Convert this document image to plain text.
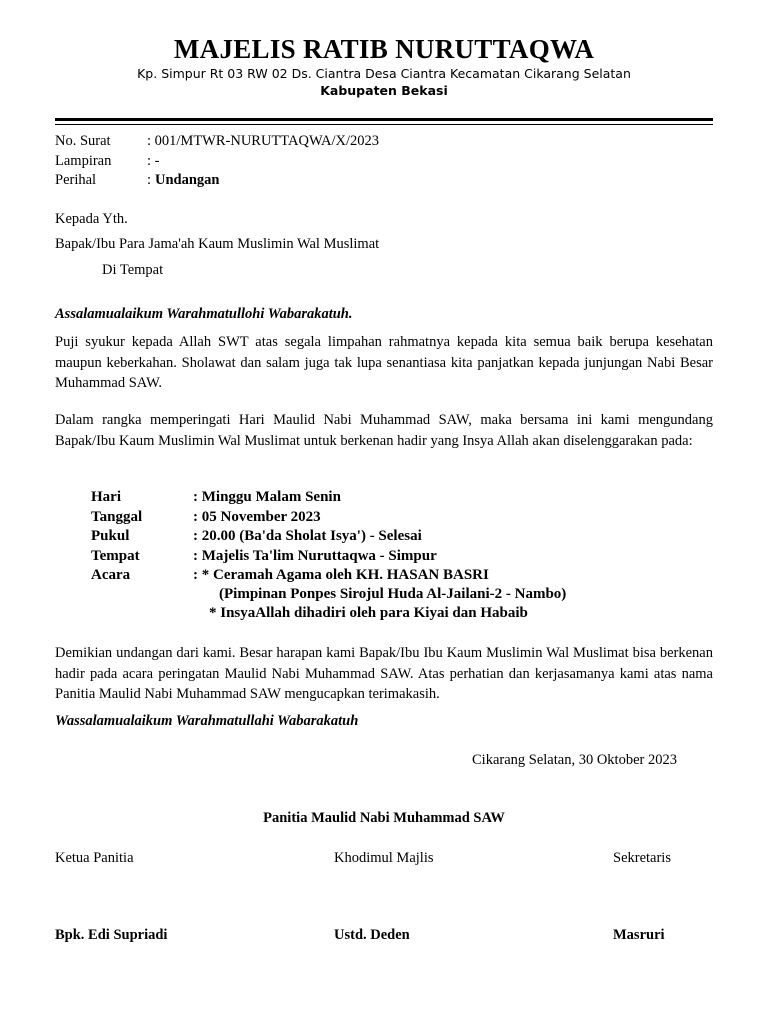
MAJELIS RATIB NURUTTAQWA
Kp. Simpur Rt 03 RW 02 Ds. Ciantra Desa Ciantra Kecamatan Cikarang Selatan
Kabupaten Bekasi
No. Surat	: 001/MTWR-NURUTTAQWA/X/2023
Lampiran : -
Perihal	: Undangan
Kepada Yth.
Bapak/Ibu Para Jama'ah Kaum Muslimin Wal Muslimat
Di Tempat
Assalamualaikum Warahmatullohi Wabarakatuh.
Puji syukur kepada Allah SWT atas segala limpahan rahmatnya kepada kita semua baik berupa kesehatan maupun keberkahan. Sholawat dan salam juga tak lupa senantiasa kita panjatkan kepada junjungan Nabi Besar Muhammad SAW.
Dalam rangka memperingati Hari Maulid Nabi Muhammad SAW, maka bersama ini kami mengundang Bapak/Ibu Kaum Muslimin Wal Muslimat untuk berkenan hadir yang Insya Allah akan diselenggarakan pada:
Hari	: Minggu Malam Senin
Tanggal	: 05 November 2023
Pukul	: 20.00 (Ba'da Sholat Isya') - Selesai
Tempat	: Majelis Ta'lim Nuruttaqwa - Simpur
Acara	: * Ceramah Agama oleh KH. HASAN BASRI
(Pimpinan Ponpes Sirojul Huda Al-Jailani-2 - Nambo)
* InsyaAllah dihadiri oleh para Kiyai dan Habaib
Demikian undangan dari kami. Besar harapan kami Bapak/Ibu Ibu Kaum Muslimin Wal Muslimat bisa berkenan hadir pada acara peringatan Maulid Nabi Muhammad SAW. Atas perhatian dan kerjasamanya kami atas nama Panitia Maulid Nabi Muhammad SAW mengucapkan terimakasih.
Wassalamualaikum Warahmatullahi Wabarakatuh
Cikarang Selatan, 30 Oktober 2023
Panitia Maulid Nabi Muhammad SAW
Ketua Panitia	Khodimul Majlis	Sekretaris
Bpk. Edi Supriadi	Ustd. Deden	Masruri
